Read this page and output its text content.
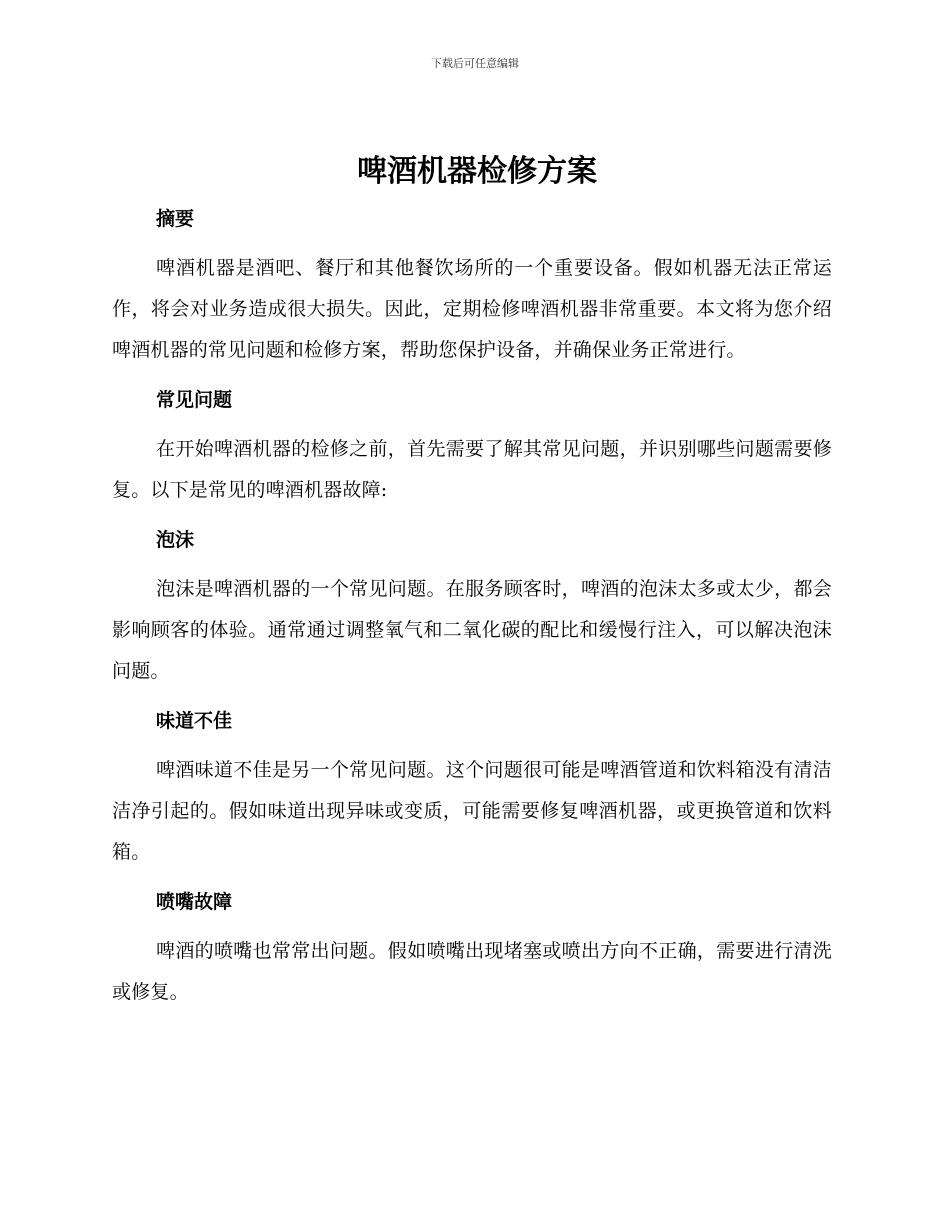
下载后可任意编辑
啤酒机器检修方案
摘要

啤酒机器是酒吧、餐厅和其他餐饮场所的一个重要设备。假如机器无法正常运作，将会对业务造成很大损失。因此，定期检修啤酒机器非常重要。本文将为您介绍啤酒机器的常见问题和检修方案，帮助您保护设备，并确保业务正常进行。

常见问题

在开始啤酒机器的检修之前，首先需要了解其常见问题，并识别哪些问题需要修复。以下是常见的啤酒机器故障:

泡沫

泡沫是啤酒机器的一个常见问题。在服务顾客时，啤酒的泡沫太多或太少，都会影响顾客的体验。通常通过调整氧气和二氧化碳的配比和缓慢行注入，可以解决泡沫问题。

味道不佳

啤酒味道不佳是另一个常见问题。这个问题很可能是啤酒管道和饮料箱没有清洁洁净引起的。假如味道出现异味或变质，可能需要修复啤酒机器，或更换管道和饮料箱。

喷嘴故障

啤酒的喷嘴也常常出问题。假如喷嘴出现堵塞或喷出方向不正确，需要进行清洗或修复。
